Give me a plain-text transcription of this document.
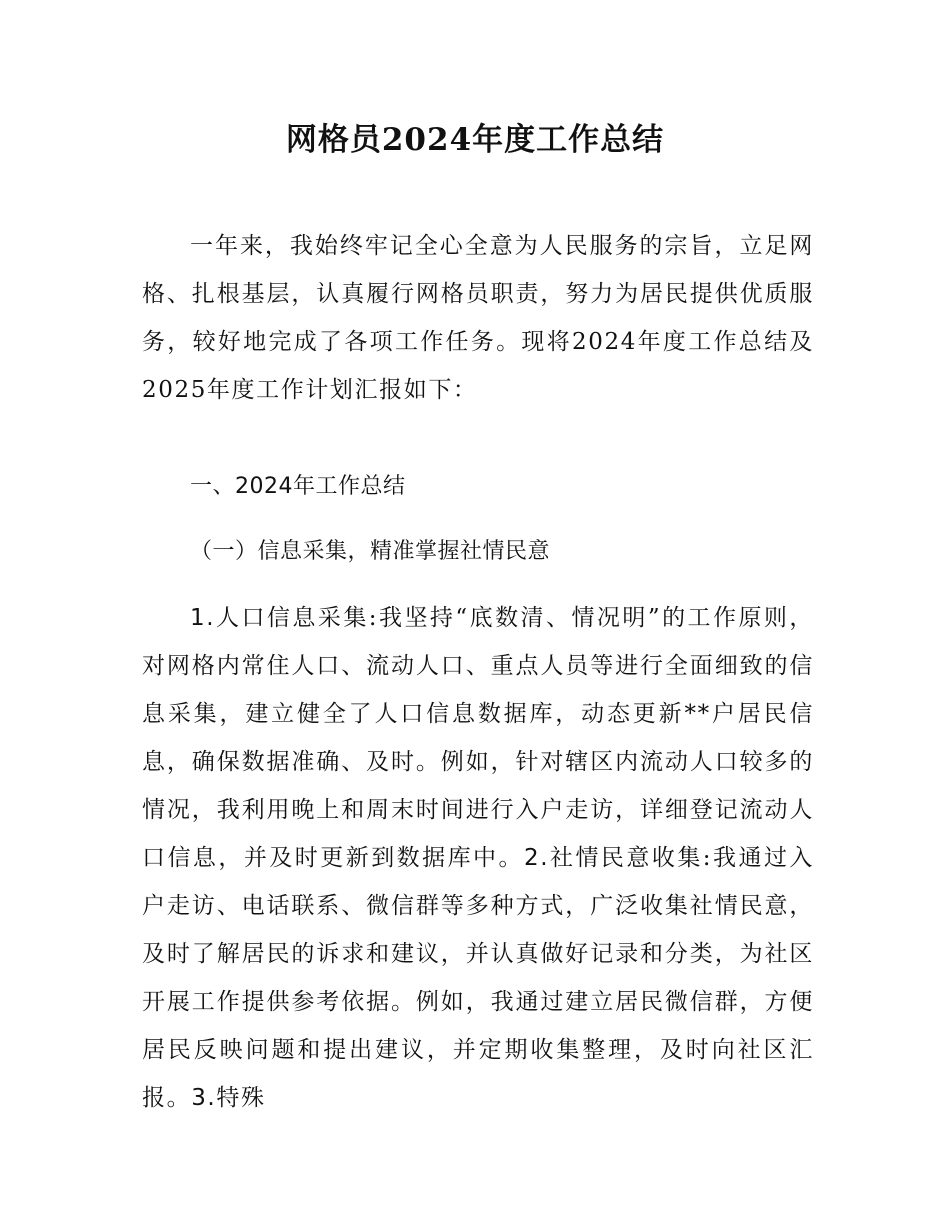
网格员2024年度工作总结
一年来，我始终牢记全心全意为人民服务的宗旨，立足网格、扎根基层，认真履行网格员职责，努力为居民提供优质服务，较好地完成了各项工作任务。现将2024年度工作总结及2025年度工作计划汇报如下：
一、2024年工作总结
（一）信息采集，精准掌握社情民意
1.人口信息采集:我坚持“底数清、情况明”的工作原则，对网格内常住人口、流动人口、重点人员等进行全面细致的信息采集，建立健全了人口信息数据库，动态更新**户居民信息，确保数据准确、及时。例如，针对辖区内流动人口较多的情况，我利用晚上和周末时间进行入户走访，详细登记流动人口信息，并及时更新到数据库中。2.社情民意收集:我通过入户走访、电话联系、微信群等多种方式，广泛收集社情民意，及时了解居民的诉求和建议，并认真做好记录和分类，为社区开展工作提供参考依据。例如，我通过建立居民微信群，方便居民反映问题和提出建议，并定期收集整理，及时向社区汇报。3.特殊
